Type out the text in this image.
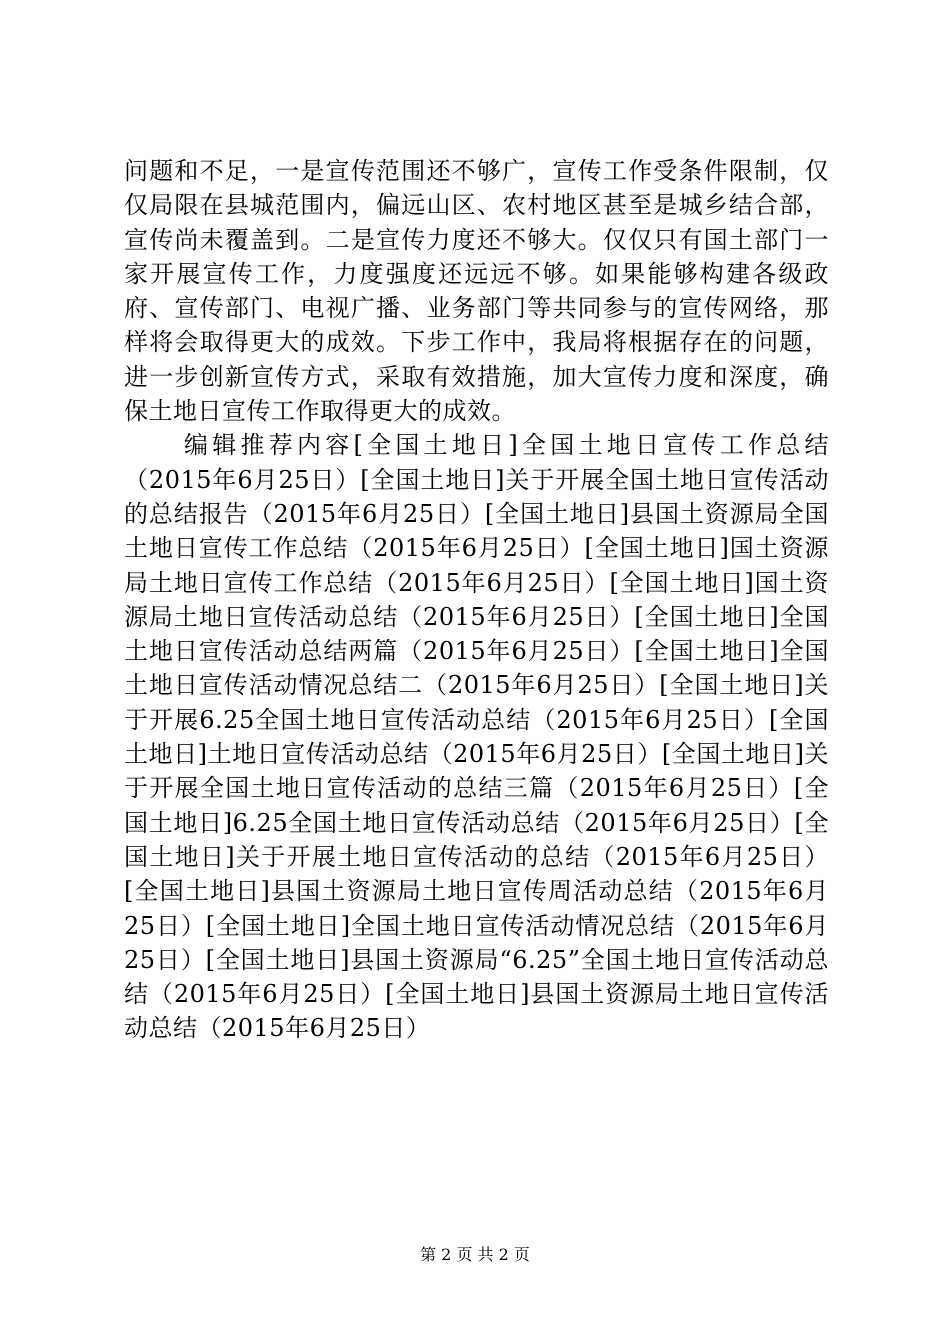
问题和不足，一是宣传范围还不够广，宣传工作受条件限制，仅仅局限在县城范围内，偏远山区、农村地区甚至是城乡结合部，宣传尚未覆盖到。二是宣传力度还不够大。仅仅只有国土部门一家开展宣传工作，力度强度还远远不够。如果能够构建各级政府、宣传部门、电视广播、业务部门等共同参与的宣传网络，那样将会取得更大的成效。下步工作中，我局将根据存在的问题，进一步创新宣传方式，采取有效措施，加大宣传力度和深度，确保土地日宣传工作取得更大的成效。

编辑推荐内容[全国土地日]全国土地日宣传工作总结（2015年6月25日）[全国土地日]关于开展全国土地日宣传活动的总结报告（2015年6月25日）[全国土地日]县国土资源局全国土地日宣传工作总结（2015年6月25日）[全国土地日]国土资源局土地日宣传工作总结（2015年6月25日）[全国土地日]国土资源局土地日宣传活动总结（2015年6月25日）[全国土地日]全国土地日宣传活动总结两篇（2015年6月25日）[全国土地日]全国土地日宣传活动情况总结二（2015年6月25日）[全国土地日]关于开展6.25全国土地日宣传活动总结（2015年6月25日）[全国土地日]土地日宣传活动总结（2015年6月25日）[全国土地日]关于开展全国土地日宣传活动的总结三篇（2015年6月25日）[全国土地日]6.25全国土地日宣传活动总结（2015年6月25日）[全国土地日]关于开展土地日宣传活动的总结（2015年6月25日）[全国土地日]县国土资源局土地日宣传周活动总结（2015年6月25日）[全国土地日]全国土地日宣传活动情况总结（2015年6月25日）[全国土地日]县国土资源局“6.25”全国土地日宣传活动总结（2015年6月25日）[全国土地日]县国土资源局土地日宣传活动总结（2015年6月25日）

第 2 页 共 2 页
